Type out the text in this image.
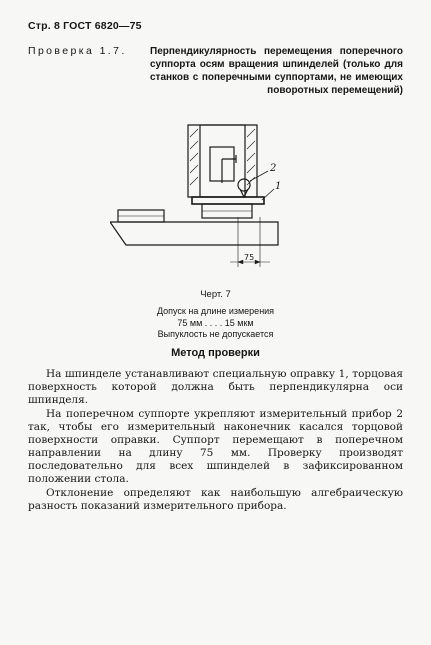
Стр. 8 ГОСТ 6820—75
Проверка 1.7. Перпендикулярность перемещения поперечного суппорта осям вращения шпинделей (только для станков с поперечными суппортами, не имеющих поворотных перемещений)
2
1
75
Черт. 7
Допуск на длине измерения
75 мм . . . . 15 мкм
Выпуклость не допускается
Метод проверки

На шпинделе устанавливают специальную оправку 1, торцовая поверхность которой должна быть перпендикулярна оси шпинделя.

На поперечном суппорте укрепляют измерительный прибор 2 так, чтобы его измерительный наконечник касался торцовой поверхности оправки. Суппорт перемещают в поперечном направлении на длину 75 мм. Проверку производят последовательно для всех шпинделей в зафиксированном положении стола.

Отклонение определяют как наибольшую алгебраическую разность показаний измерительного прибора.
